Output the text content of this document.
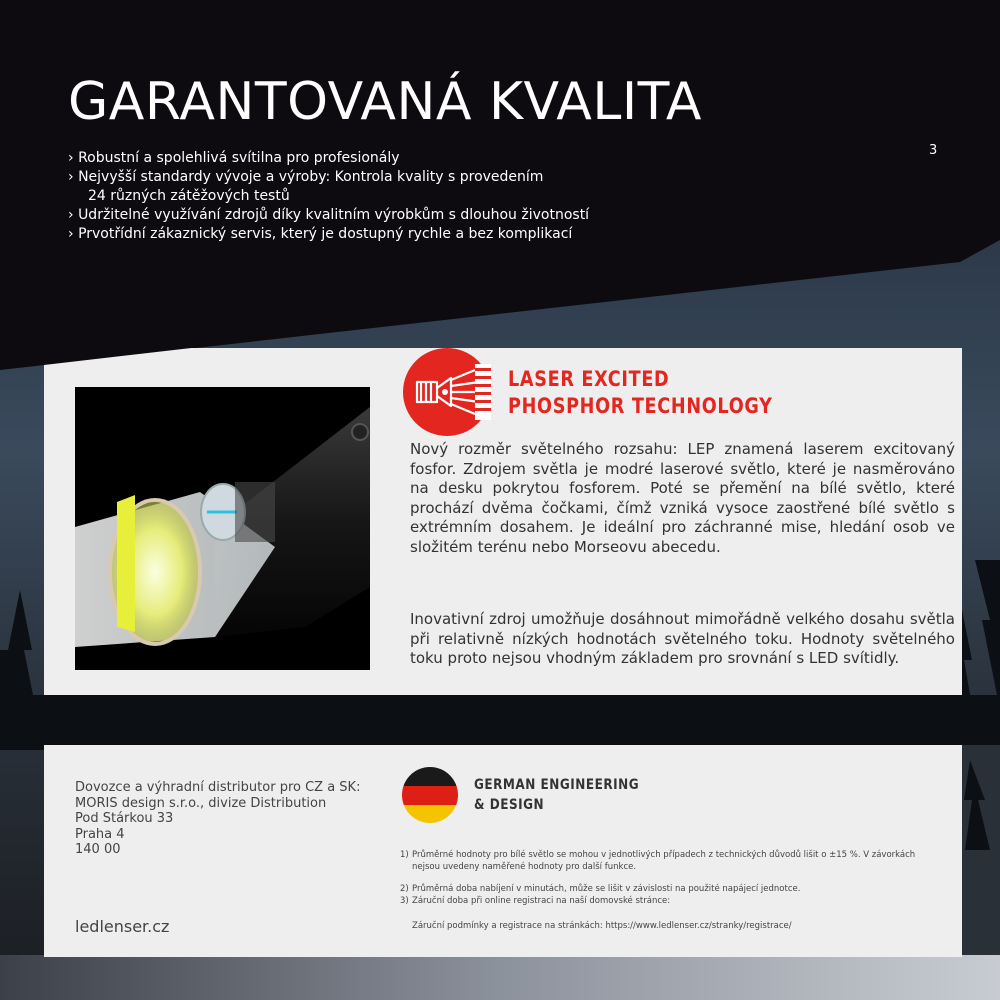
GARANTOVANÁ KVALITA
3
› Robustní a spolehlivá svítilna pro profesionály
› Nejvyšší standardy vývoje a výroby: Kontrola kvality s provedením
24 různých zátěžových testů
› Udržitelné využívání zdrojů díky kvalitním výrobkům s dlouhou životností
› Prvotřídní zákaznický servis, který je dostupný rychle a bez komplikací
LASER EXCITED
PHOSPHOR TECHNOLOGY

Nový rozměr světelného rozsahu: LEP znamená laserem excitovaný fosfor. Zdrojem světla je modré laserové světlo, které je nasměrováno na desku pokrytou fosforem. Poté se přemění na bílé světlo, které prochází dvěma čočkami, čímž vzniká vysoce zaostřené bílé světlo s extrémním dosahem. Je ideální pro záchranné mise, hledání osob ve složitém terénu nebo Morseovu abecedu.

Inovativní zdroj umožňuje dosáhnout mimořádně velkého dosahu světla při relativně nízkých hodnotách světelného toku. Hodnoty světelného toku proto nejsou vhodným základem pro srovnání s LED svítidly.

Dovozce a výhradní distributor pro CZ a SK:
MORIS design s.r.o., divize Distribution
Pod Stárkou 33
Praha 4
140 00
ledlenser.cz
GERMAN ENGINEERING
& DESIGN
1) Průměrné hodnoty pro bílé světlo se mohou v jednotlivých případech z technických důvodů lišit o ±15 %. V závorkách nejsou uvedeny naměřené hodnoty pro další funkce.
2) Průměrná doba nabíjení v minutách, může se lišit v závislosti na použité napájecí jednotce.
3) Záruční doba při online registraci na naší domovské stránce:
Záruční podmínky a registrace na stránkách: https://www.ledlenser.cz/stranky/registrace/
